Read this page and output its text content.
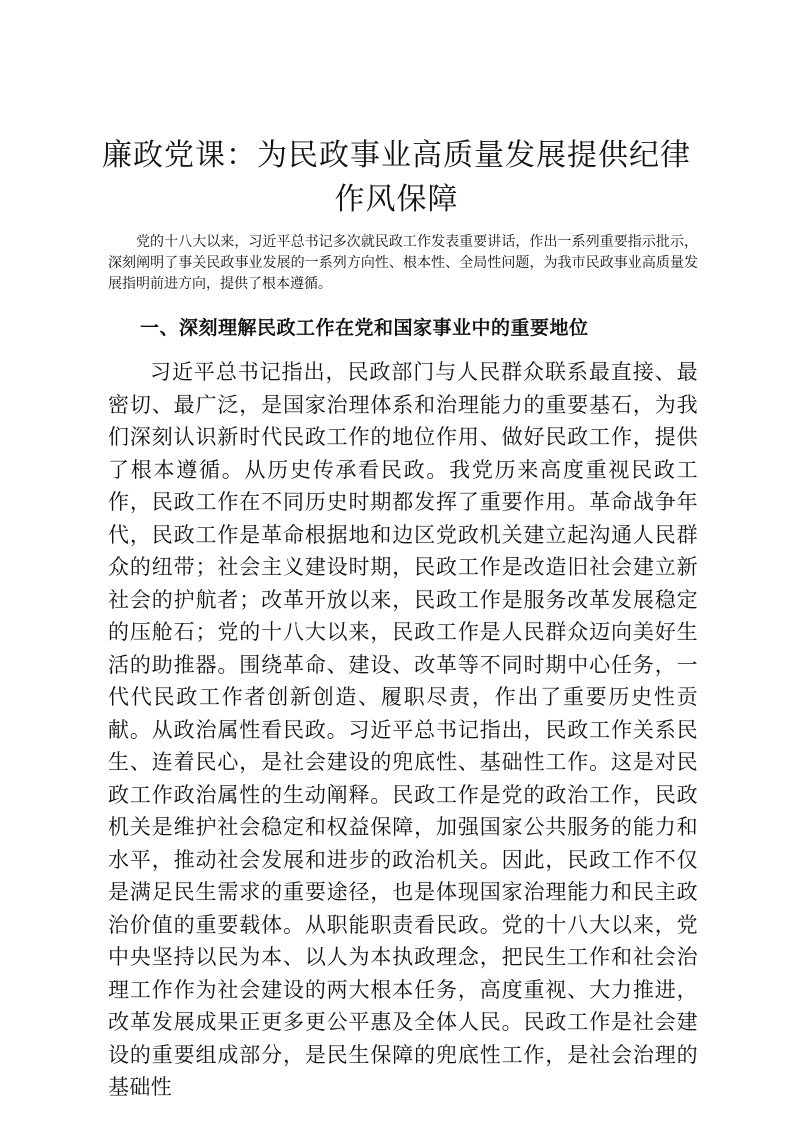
廉政党课：为民政事业高质量发展提供纪律作风保障

党的十八大以来，习近平总书记多次就民政工作发表重要讲话，作出一系列重要指示批示，深刻阐明了事关民政事业发展的一系列方向性、根本性、全局性问题，为我市民政事业高质量发展指明前进方向，提供了根本遵循。

一、深刻理解民政工作在党和国家事业中的重要地位

习近平总书记指出，民政部门与人民群众联系最直接、最密切、最广泛，是国家治理体系和治理能力的重要基石，为我们深刻认识新时代民政工作的地位作用、做好民政工作，提供了根本遵循。从历史传承看民政。我党历来高度重视民政工作，民政工作在不同历史时期都发挥了重要作用。革命战争年代，民政工作是革命根据地和边区党政机关建立起沟通人民群众的纽带；社会主义建设时期，民政工作是改造旧社会建立新社会的护航者；改革开放以来，民政工作是服务改革发展稳定的压舱石；党的十八大以来，民政工作是人民群众迈向美好生活的助推器。围绕革命、建设、改革等不同时期中心任务，一代代民政工作者创新创造、履职尽责，作出了重要历史性贡献。从政治属性看民政。习近平总书记指出，民政工作关系民生、连着民心，是社会建设的兜底性、基础性工作。这是对民政工作政治属性的生动阐释。民政工作是党的政治工作，民政机关是维护社会稳定和权益保障，加强国家公共服务的能力和水平，推动社会发展和进步的政治机关。因此，民政工作不仅是满足民生需求的重要途径，也是体现国家治理能力和民主政治价值的重要载体。从职能职责看民政。党的十八大以来，党中央坚持以民为本、以人为本执政理念，把民生工作和社会治理工作作为社会建设的两大根本任务，高度重视、大力推进，改革发展成果正更多更公平惠及全体人民。民政工作是社会建设的重要组成部分，是民生保障的兜底性工作，是社会治理的基础性
